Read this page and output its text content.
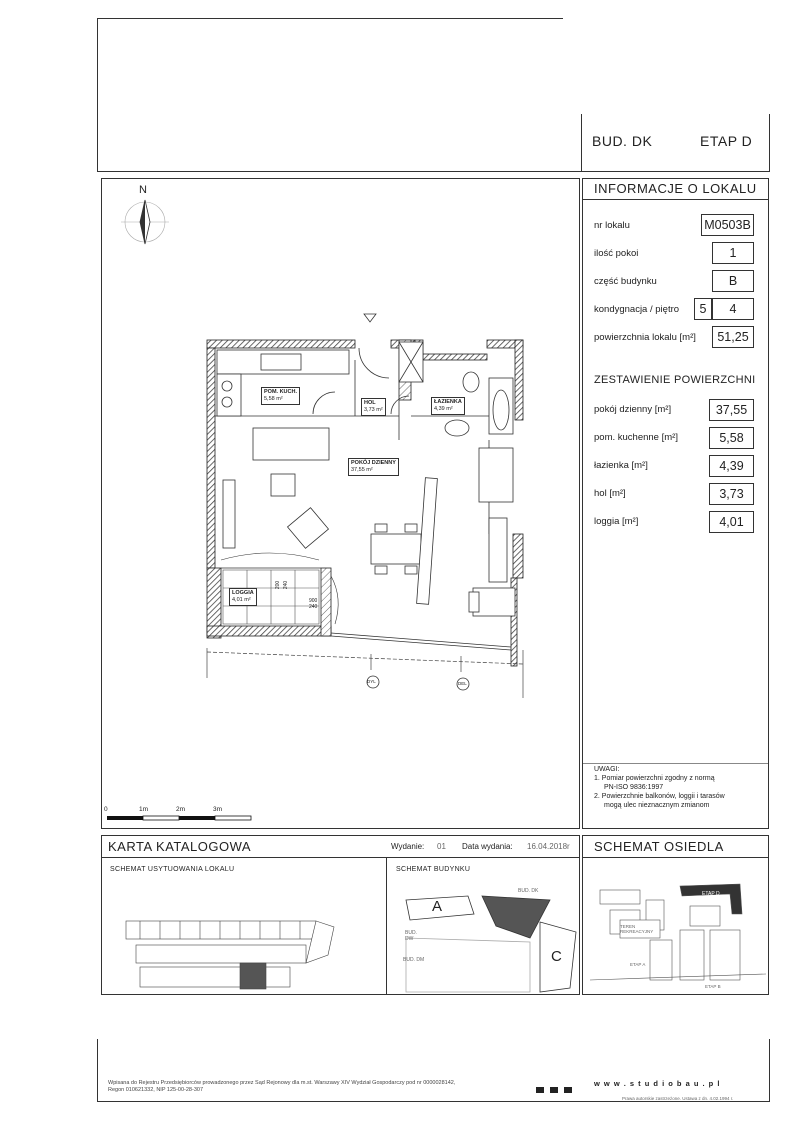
BUD. DK	ETAP D
INFORMACJE O LOKALU
nr lokalu	M0503B
ilość pokoi	1
część budynku	B
kondygnacja / piętro	5	4
powierzchnia lokalu [m²]	51,25
ZESTAWIENIE POWIERZCHNI
pokój dzienny [m²]	37,55
pom. kuchenne [m²]	5,58
łazienka [m²]	4,39
hol [m²]	3,73
loggia [m²]	4,01
UWAGI:
1. Pomiar powierzchni zgodny z normą
PN-ISO 9836:1997
2. Powierzchnie balkonów, loggii i tarasów
mogą ulec nieznacznym zmianom
N
POM. KUCH.
5,58 m²
HOL
3,73 m²
ŁAZIENKA
4,39 m²
POKÓJ DZIENNY
37,55 m²
LOGGIA
4,01 m²
200 240
900
240
DYL	DEL
0	1m	2m	3m
KARTA KATALOGOWA	Wydanie: 01 Data wydania: 16.04.2018r
SCHEMAT USYTUOWANIA LOKALU	SCHEMAT BUDYNKU
A
C
BUD. DK
BUD. DW
BUD. DM
SCHEMAT OSIEDLA
ETAP D
TEREN REKREACYJNY
ETAP B
ETAP A
Wpisana do Rejestru Przedsiębiorców prowadzonego przez Sąd Rejonowy dla m.st. Warszawy XIV Wydział Gospodarczy pod nr 0000028142,
Regon 010621332, NIP 125-00-28-307
w w w . s t u d i o b a u . p l
Prawa autorskie zastrzeżone. Ustawa z dn. 4.02.1994 r.
